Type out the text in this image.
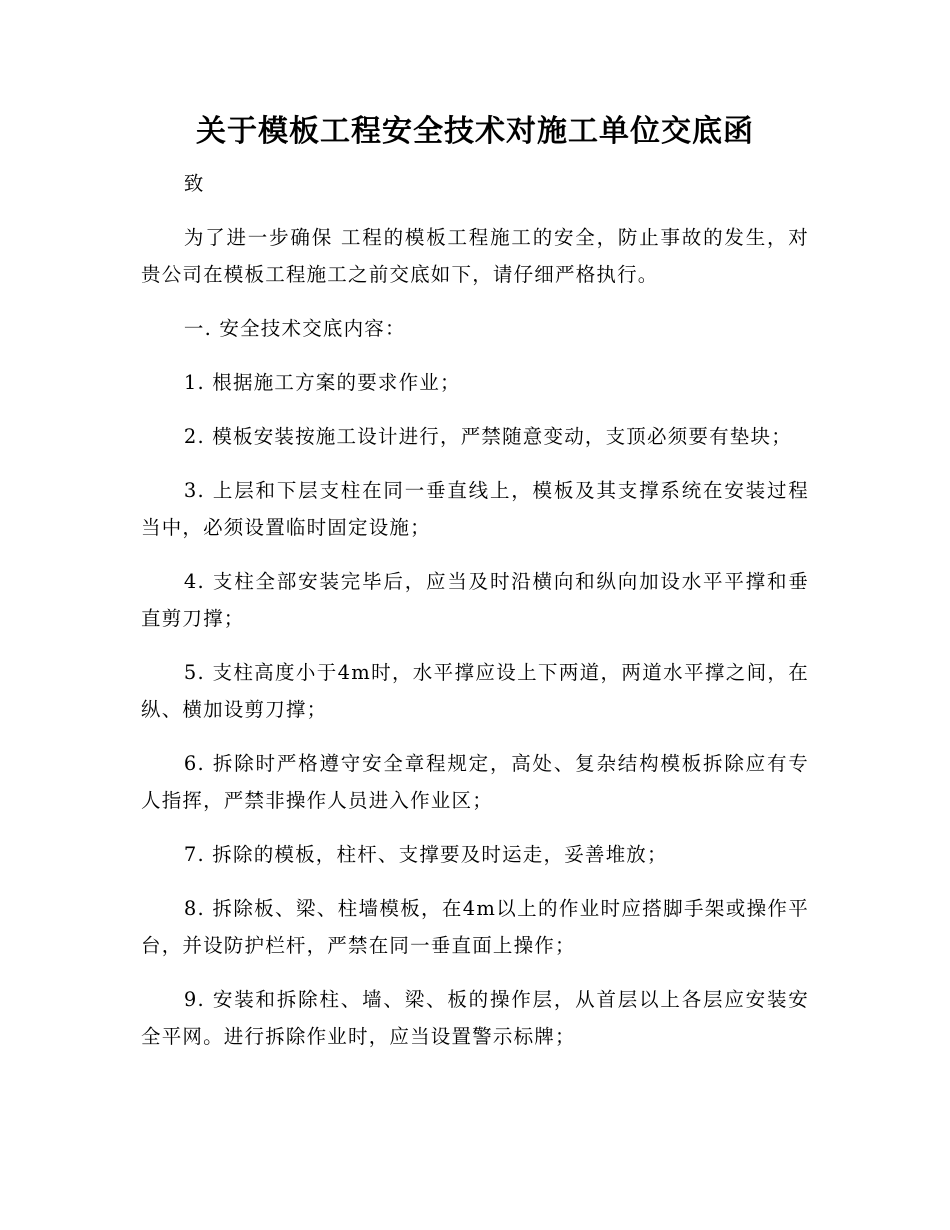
关于模板工程安全技术对施工单位交底函

致

为了进一步确保 工程的模板工程施工的安全，防止事故的发生，对贵公司在模板工程施工之前交底如下，请仔细严格执行。

一. 安全技术交底内容：

1. 根据施工方案的要求作业；

2. 模板安装按施工设计进行，严禁随意变动，支顶必须要有垫块；

3. 上层和下层支柱在同一垂直线上，模板及其支撑系统在安装过程当中，必须设置临时固定设施；

4. 支柱全部安装完毕后，应当及时沿横向和纵向加设水平平撑和垂直剪刀撑；

5. 支柱高度小于4m时，水平撑应设上下两道，两道水平撑之间，在纵、横加设剪刀撑；

6. 拆除时严格遵守安全章程规定，高处、复杂结构模板拆除应有专人指挥，严禁非操作人员进入作业区；

7. 拆除的模板，柱杆、支撑要及时运走，妥善堆放；

8. 拆除板、梁、柱墙模板，在4m以上的作业时应搭脚手架或操作平台，并设防护栏杆，严禁在同一垂直面上操作；

9. 安装和拆除柱、墙、梁、板的操作层，从首层以上各层应安装安全平网。进行拆除作业时，应当设置警示标牌；
